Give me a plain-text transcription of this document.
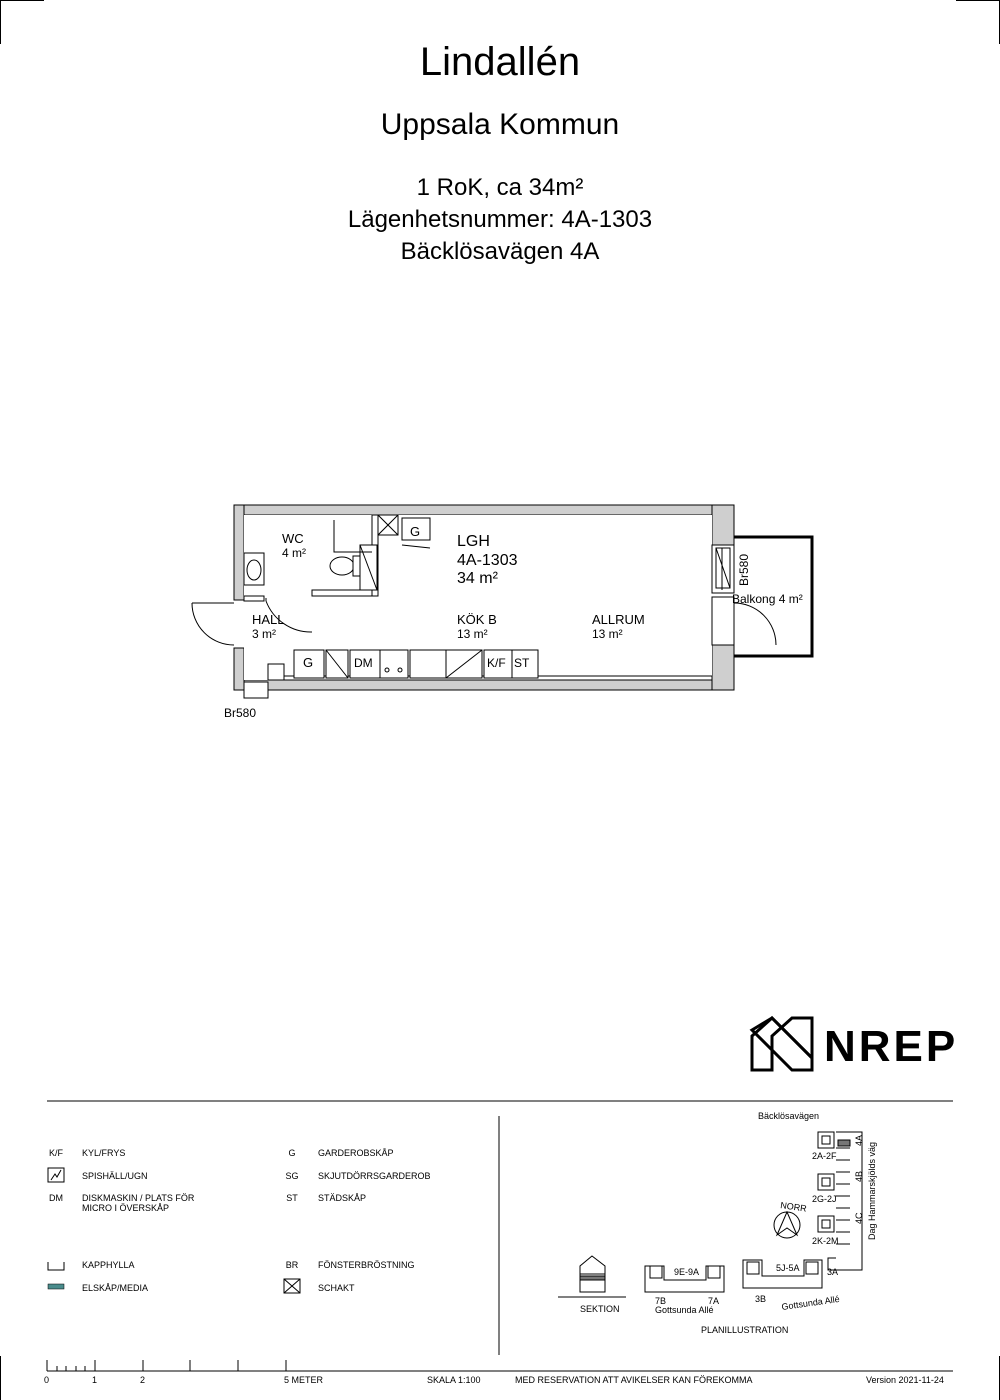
Lindallén
Uppsala Kommun
1 RoK, ca 34m²
Lägenhetsnummer: 4A-1303
Bäcklösavägen 4A
WC
4 m²
HALL
3 m²
LGH
4A-1303
34 m²
KÖK B
13 m²
ALLRUM
13 m²
Balkong 4 m²
G
G	DM	K/F ST
Br580
Br580
Bäcklösavägen
Dag Hammarskjölds väg
NORR
2A-2F
2G-2J
2K-2M
4A
4B
4C
9E-9A
7B	7A
5J-5A
3B
3A
Gottsunda Allé	Gottsunda Allé
SEKTION
PLANILLUSTRATION
NREP
K/F	KYL/FRYS
SPISHÄLL/UGN
DM	DISKMASKIN / PLATS FÖR MICRO I ÖVERSKÅP
KAPPHYLLA
ELSKÅP/MEDIA
G	GARDEROBSKÅP
SG	SKJUTDÖRRSGARDEROB
ST	STÄDSKÅP
BR	FÖNSTERBRÖSTNING
SCHAKT
0	1	2	5 METER	SKALA 1:100	MED RESERVATION ATT AVIKELSER KAN FÖREKOMMA	Version 2021-11-24
